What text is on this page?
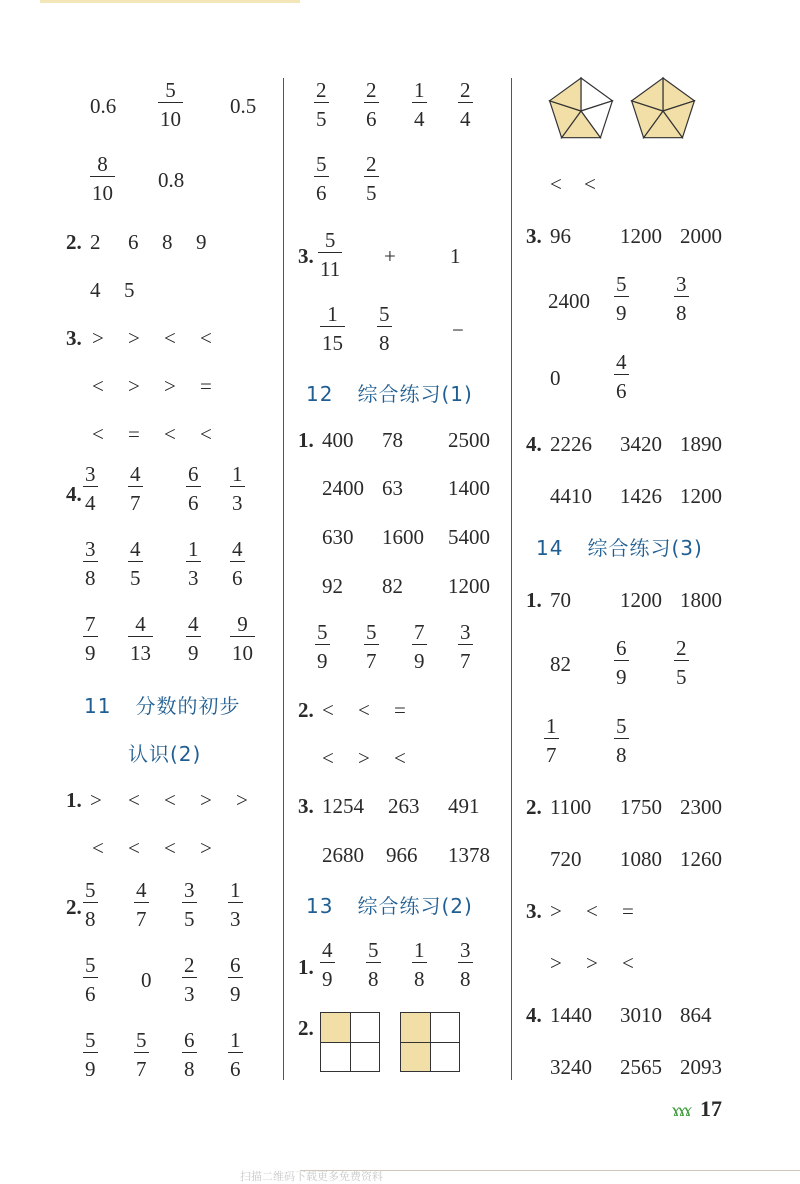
$0.6 \frac{5}{10} 0.5$
$\frac{8}{10} 0.8$
2. 2 6 8 9
4 5
3. > > < <
< > > =
< = < <
4. $\frac{3}{4} \frac{4}{7} \frac{6}{6} \frac{1}{3}$
$\frac{3}{8} \frac{4}{5} \frac{1}{3} \frac{4}{6}$
$\frac{7}{9} \frac{4}{13} \frac{4}{9} \frac{9}{10}$
11 分数的初步
认识(2)
1. > < < > >
< < < >
2. $\frac{5}{8} \frac{4}{7} \frac{3}{5} \frac{1}{3}$
$\frac{5}{6} 0 \frac{2}{3} \frac{6}{9}$
$\frac{5}{9} \frac{5}{7} \frac{6}{8} \frac{1}{6}$
$\frac{2}{5} \frac{2}{6} \frac{1}{4} \frac{2}{4}$
$\frac{5}{6} \frac{2}{5}$
3. $\frac{5}{11}$ +	1
$\frac{1}{15} \frac{5}{8}$	−
12 综合练习(1)
1. 400 78 2500
2400 63 1400
630 1600 5400
92 82 1200
$\frac{5}{9} \frac{5}{7} \frac{7}{9} \frac{3}{7}$
2. < < =
< > <
3. 1254 263 491
2680 966 1378
13 综合练习(2)
1. $\frac{4}{9} \frac{5}{8} \frac{1}{8} \frac{3}{8}$
2.
< <
3. 96 1200 2000
$2400 \frac{5}{9} \frac{3}{8}$
0	$\frac{4}{6}$
4. 2226 3420 1890
4410 1426 1200
14 综合练习(3)
1. 70 1200 1800
$82 \frac{6}{9} \frac{2}{5}$
$\frac{1}{7}$	$\frac{5}{8}$
2. 1100 1750 2300
720 1080 1260
3. > < =
> > <
4. 1440 3010 864
3240 2565 2093
ɤɤɤ 17
扫描二维码下载更多免费资料
